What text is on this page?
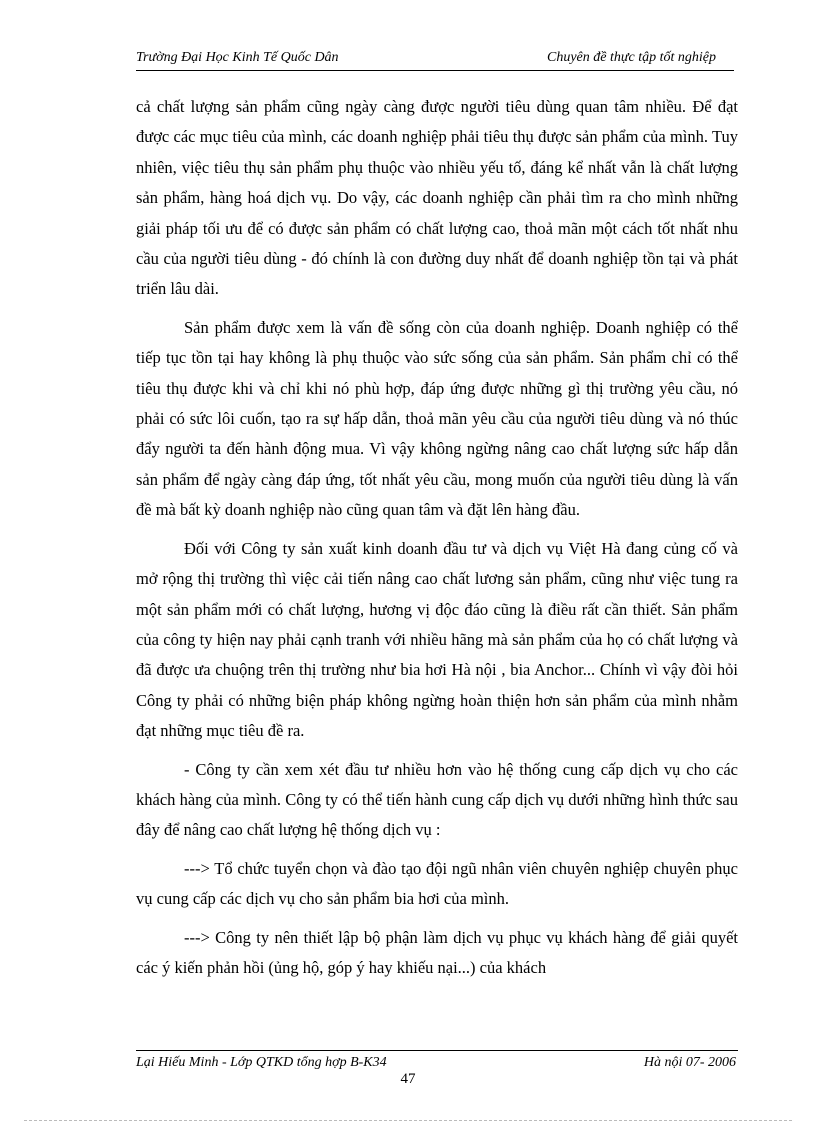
Trường Đại Học Kinh Tế Quốc Dân	Chuyên đề thực tập tốt nghiệp

cả chất lượng sản phẩm cũng ngày càng được người tiêu dùng quan tâm nhiều. Để đạt được các mục tiêu của mình, các doanh nghiệp phải tiêu thụ được sản phẩm của mình. Tuy nhiên, việc tiêu thụ sản phẩm phụ thuộc vào nhiều yếu tố, đáng kể nhất vẫn là chất lượng sản phẩm, hàng hoá dịch vụ. Do vậy, các doanh nghiệp cần phải tìm ra cho mình những giải pháp tối ưu để có được sản phẩm có chất lượng cao, thoả mãn một cách tốt nhất nhu cầu của người tiêu dùng - đó chính là con đường duy nhất để doanh nghiệp tồn tại và phát triển lâu dài.

Sản phẩm được xem là vấn đề sống còn của doanh nghiệp. Doanh nghiệp có thể tiếp tục tồn tại hay không là phụ thuộc vào sức sống của sản phẩm. Sản phẩm chỉ có thể tiêu thụ được khi và chỉ khi nó phù hợp, đáp ứng được những gì thị trường yêu cầu, nó phải có sức lôi cuốn, tạo ra sự hấp dẫn, thoả mãn yêu cầu của người tiêu dùng và nó thúc đẩy người ta đến hành động mua. Vì vậy không ngừng nâng cao chất lượng sức hấp dẫn sản phẩm để ngày càng đáp ứng, tốt nhất yêu cầu, mong muốn của người tiêu dùng là vấn đề mà bất kỳ doanh nghiệp nào cũng quan tâm và đặt lên hàng đầu.

Đối với Công ty sản xuất kinh doanh đầu tư và dịch vụ Việt Hà đang củng cố và mở rộng thị trường thì việc cải tiến nâng cao chất lương sản phẩm, cũng như việc tung ra một sản phẩm mới có chất lượng, hương vị độc đáo cũng là điều rất cần thiết. Sản phẩm của công ty hiện nay phải cạnh tranh với nhiều hãng mà sản phẩm của họ có chất lượng và đã được ưa chuộng trên thị trường như bia hơi Hà nội , bia Anchor... Chính vì vậy đòi hỏi Công ty phải có những biện pháp không ngừng hoàn thiện hơn sản phẩm của mình nhằm đạt những mục tiêu đề ra.

- Công ty cần xem xét đầu tư nhiều hơn vào hệ thống cung cấp dịch vụ cho các khách hàng của mình. Công ty có thể tiến hành cung cấp dịch vụ dưới những hình thức sau đây để nâng cao chất lượng hệ thống dịch vụ :

---> Tổ chức tuyển chọn và đào tạo đội ngũ nhân viên chuyên nghiệp chuyên phục vụ cung cấp các dịch vụ cho sản phẩm bia hơi của mình.

---> Công ty nên thiết lập bộ phận làm dịch vụ phục vụ khách hàng để giải quyết các ý kiến phản hồi (ủng hộ, góp ý hay khiếu nại...) của khách

Lại Hiếu Minh - Lớp QTKD tổng hợp B-K34	Hà nội 07- 2006
47
